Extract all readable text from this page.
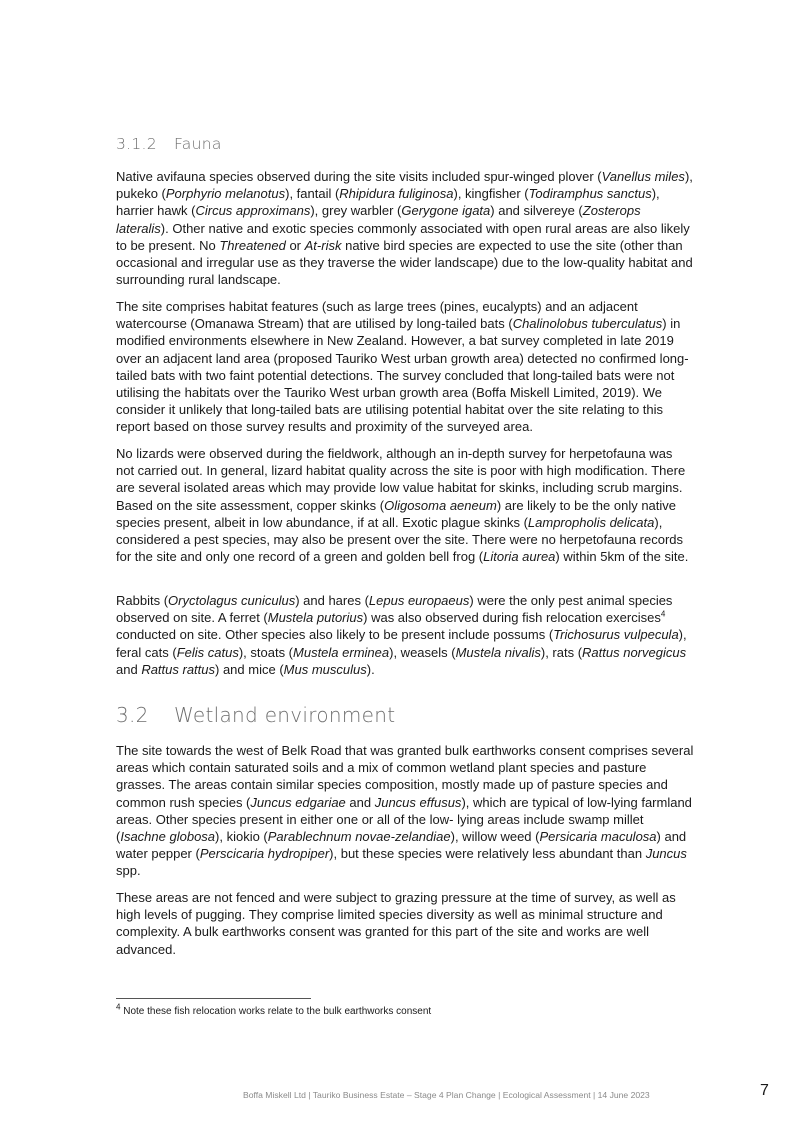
3.1.2 Fauna

Native avifauna species observed during the site visits included spur-winged plover (Vanellus miles), pukeko (Porphyrio melanotus), fantail (Rhipidura fuliginosa), kingfisher (Todiramphus sanctus), harrier hawk (Circus approximans), grey warbler (Gerygone igata) and silvereye (Zosterops lateralis). Other native and exotic species commonly associated with open rural areas are also likely to be present. No Threatened or At-risk native bird species are expected to use the site (other than occasional and irregular use as they traverse the wider landscape) due to the low-quality habitat and surrounding rural landscape.

The site comprises habitat features (such as large trees (pines, eucalypts) and an adjacent watercourse (Omanawa Stream) that are utilised by long-tailed bats (Chalinolobus tuberculatus) in modified environments elsewhere in New Zealand. However, a bat survey completed in late 2019 over an adjacent land area (proposed Tauriko West urban growth area) detected no confirmed long-tailed bats with two faint potential detections. The survey concluded that long-tailed bats were not utilising the habitats over the Tauriko West urban growth area (Boffa Miskell Limited, 2019). We consider it unlikely that long-tailed bats are utilising potential habitat over the site relating to this report based on those survey results and proximity of the surveyed area.

No lizards were observed during the fieldwork, although an in-depth survey for herpetofauna was not carried out. In general, lizard habitat quality across the site is poor with high modification. There are several isolated areas which may provide low value habitat for skinks, including scrub margins. Based on the site assessment, copper skinks (Oligosoma aeneum) are likely to be the only native species present, albeit in low abundance, if at all. Exotic plague skinks (Lampropholis delicata), considered a pest species, may also be present over the site. There were no herpetofauna records for the site and only one record of a green and golden bell frog (Litoria aurea) within 5km of the site.

Rabbits (Oryctolagus cuniculus) and hares (Lepus europaeus) were the only pest animal species observed on site. A ferret (Mustela putorius) was also observed during fish relocation exercises$^4$ conducted on site. Other species also likely to be present include possums (Trichosurus vulpecula), feral cats (Felis catus), stoats (Mustela erminea), weasels (Mustela nivalis), rats (Rattus norvegicus and Rattus rattus) and mice (Mus musculus).

3.2 Wetland environment

The site towards the west of Belk Road that was granted bulk earthworks consent comprises several areas which contain saturated soils and a mix of common wetland plant species and pasture grasses. The areas contain similar species composition, mostly made up of pasture species and common rush species (Juncus edgariae and Juncus effusus), which are typical of low-lying farmland areas. Other species present in either one or all of the low- lying areas include swamp millet (Isachne globosa), kiokio (Parablechnum novae-zelandiae), willow weed (Persicaria maculosa) and water pepper (Perscicaria hydropiper), but these species were relatively less abundant than Juncus spp.

These areas are not fenced and were subject to grazing pressure at the time of survey, as well as high levels of pugging. They comprise limited species diversity as well as minimal structure and complexity. A bulk earthworks consent was granted for this part of the site and works are well advanced.

$^4$ Note these fish relocation works relate to the bulk earthworks consent
Boffa Miskell Ltd | Tauriko Business Estate – Stage 4 Plan Change | Ecological Assessment | 14 June 2023	7
